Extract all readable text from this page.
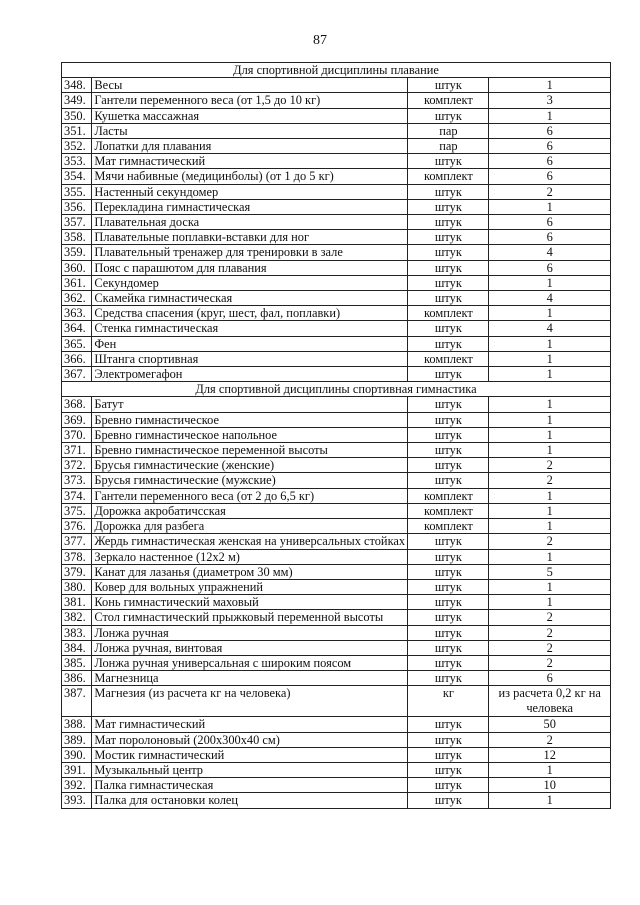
87
Для спортивной дисциплины плавание			
348.	Весы	штук	1
349.	Гантели переменного веса (от 1,5 до 10 кг)	комплект	3
350.	Кушетка массажная	штук	1
351.	Ласты	пар	6
352.	Лопатки для плавания	пар	6
353.	Мат гимнастический	штук	6
354.	Мячи набивные (медицинболы) (от 1 до 5 кг)	комплект	6
355.	Настенный секундомер	штук	2
356.	Перекладина гимнастическая	штук	1
357.	Плавательная доска	штук	6
358.	Плавательные поплавки-вставки для ног	штук	6
359.	Плавательный тренажер для тренировки в зале	штук	4
360.	Пояс с парашютом для плавания	штук	6
361.	Секундомер	штук	1
362.	Скамейка гимнастическая	штук	4
363.	Средства спасения (круг, шест, фал, поплавки)	комплект	1
364.	Стенка гимнастическая	штук	4
365.	Фен	штук	1
366.	Штанга спортивная	комплект	1
367.	Электромегафон	штук	1
Для спортивной дисциплины спортивная гимнастика			
368.	Батут	штук	1
369.	Бревно гимнастическое	штук	1
370.	Бревно гимнастическое напольное	штук	1
371.	Бревно гимнастическое переменной высоты	штук	1
372.	Брусья гимнастические (женские)	штук	2
373.	Брусья гимнастические (мужские)	штук	2
374.	Гантели переменного веса (от 2 до 6,5 кг)	комплект	1
375.	Дорожка акробатичсская	комплект	1
376.	Дорожка для разбега	комплект	1
377.	Жердь гимнастическая женская на универсальных стойках	штук	2
378.	Зеркало настенное (12х2 м)	штук	1
379.	Канат для лазанья (диаметром 30 мм)	штук	5
380.	Ковер для вольных упражнений	штук	1
381.	Конь гимнастический маховый	штук	1
382.	Стол гимнастический прыжковый переменной высоты	штук	2
383.	Лонжа ручная	штук	2
384.	Лонжа ручная, винтовая	штук	2
385.	Лонжа ручная универсальная с широким поясом	штук	2
386.	Магнезница	штук	6
387.	Магнезия (из расчета кг на человека)	кг	из расчета 0,2 кг на человека
388.	Мат гимнастический	штук	50
389.	Мат поролоновый (200х300х40 см)	штук	2
390.	Мостик гимнастический	штук	12
391.	Музыкальный центр	штук	1
392.	Палка гимнастическая	штук	10
393.	Палка для остановки колец	штук	1
